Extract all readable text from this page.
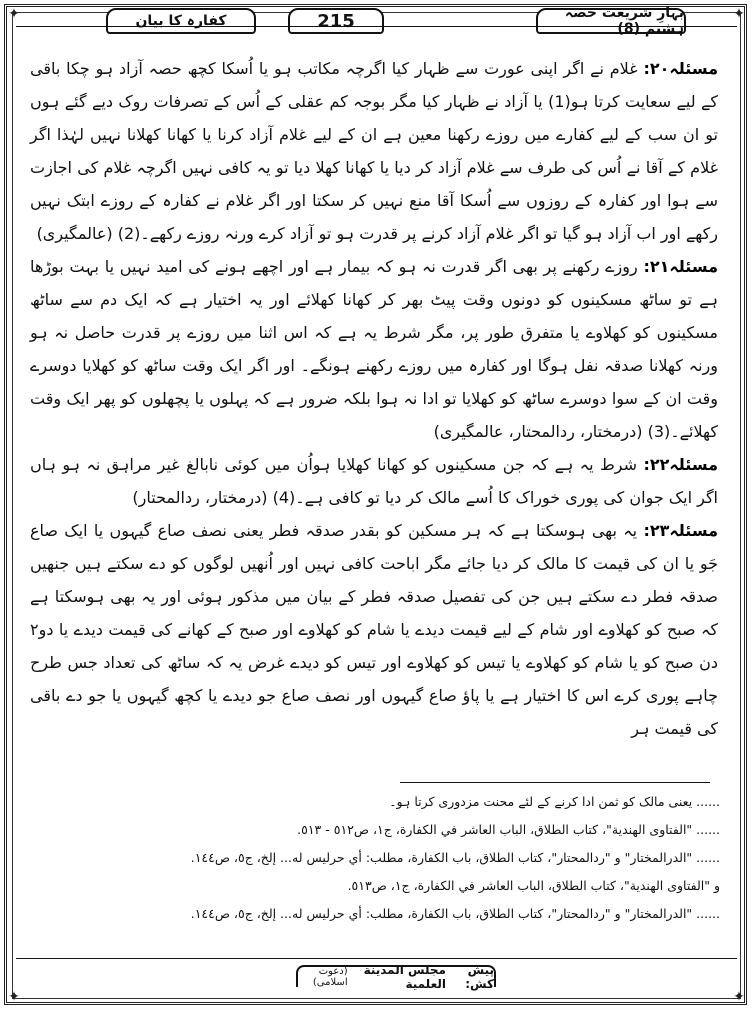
✦	✦
✦	✦
کفارہ کا بیان	215	بہارِ شریعت حصہ ہشتم (8)

مسئلہ۲۰: غلام نے اگر اپنی عورت سے ظہار کیا اگرچہ مکاتب ہو یا اُسکا کچھ حصہ آزاد ہو چکا باقی کے لیے سعایت کرتا ہو(1) یا آزاد نے ظہار کیا مگر بوجہ کم عقلی کے اُس کے تصرفات روک دیے گئے ہوں تو ان سب کے لیے کفارے میں روزے رکھنا معین ہے ان کے لیے غلام آزاد کرنا یا کھانا کھلانا نہیں لہٰذا اگر غلام کے آقا نے اُس کی طرف سے غلام آزاد کر دیا یا کھانا کھلا دیا تو یہ کافی نہیں اگرچہ غلام کی اجازت سے ہوا اور کفارہ کے روزوں سے اُسکا آقا منع نہیں کر سکتا اور اگر غلام نے کفارہ کے روزے ابتک نہیں رکھے اور اب آزاد ہو گیا تو اگر غلام آزاد کرنے پر قدرت ہو تو آزاد کرے ورنہ روزے رکھے۔(2) (عالمگیری)

مسئلہ۲۱: روزے رکھنے پر بھی اگر قدرت نہ ہو کہ بیمار ہے اور اچھے ہونے کی امید نہیں یا بہت بوڑھا ہے تو ساٹھ مسکینوں کو دونوں وقت پیٹ بھر کر کھانا کھلائے اور یہ اختیار ہے کہ ایک دم سے ساٹھ مسکینوں کو کھلاوے یا متفرق طور پر، مگر شرط یہ ہے کہ اس اثنا میں روزے پر قدرت حاصل نہ ہو ورنہ کھلانا صدقہ نفل ہوگا اور کفارہ میں روزے رکھنے ہونگے۔ اور اگر ایک وقت ساٹھ کو کھلایا دوسرے وقت ان کے سوا دوسرے ساٹھ کو کھلایا تو ادا نہ ہوا بلکہ ضرور ہے کہ پہلوں یا پچھلوں کو پھر ایک وقت کھلائے۔(3) (درمختار، ردالمحتار، عالمگیری)

مسئلہ۲۲: شرط یہ ہے کہ جن مسکینوں کو کھانا کھلایا ہواُن میں کوئی نابالغ غیر مراہق نہ ہو ہاں اگر ایک جوان کی پوری خوراک کا اُسے مالک کر دیا تو کافی ہے۔(4) (درمختار، ردالمحتار)

مسئلہ۲۳: یہ بھی ہوسکتا ہے کہ ہر مسکین کو بقدر صدقہ فطر یعنی نصف صاع گیہوں یا ایک صاع جَو یا ان کی قیمت کا مالک کر دیا جائے مگر اباحت کافی نہیں اور اُنھیں لوگوں کو دے سکتے ہیں جنھیں صدقہ فطر دے سکتے ہیں جن کی تفصیل صدقہ فطر کے بیان میں مذکور ہوئی اور یہ بھی ہوسکتا ہے کہ صبح کو کھلاوے اور شام کے لیے قیمت دیدے یا شام کو کھلاوے اور صبح کے کھانے کی قیمت دیدے یا دو۲ دن صبح کو یا شام کو کھلاوے یا تیس کو کھلاوے اور تیس کو دیدے غرض یہ کہ ساٹھ کی تعداد جس طرح چاہے پوری کرے اس کا اختیار ہے یا پاؤ صاع گیہوں اور نصف صاع جو دیدے یا کچھ گیہوں یا جو دے باقی کی قیمت ہر

...... یعنی مالک کو ثمن ادا کرنے کے لئے محنت مزدوری کرتا ہو۔
...... "الفتاوی الهندية"، كتاب الطلاق، الباب العاشر في الكفارة، ج١، ص٥١٢ - ٥١٣.
...... "الدرالمختار" و "ردالمحتار"، كتاب الطلاق، باب الكفارة، مطلب: أي حرليس له... إلخ، ج٥، ص١٤٤.
و "الفتاوی الهندية"، كتاب الطلاق، الباب العاشر في الكفارة، ج١، ص٥١٣.
...... "الدرالمختار" و "ردالمحتار"، كتاب الطلاق، باب الكفارة، مطلب: أي حرليس له... إلخ، ج٥، ص١٤٤.
پیش کش:
مجلس المدينة العلمية
(دعوت اسلامی)
